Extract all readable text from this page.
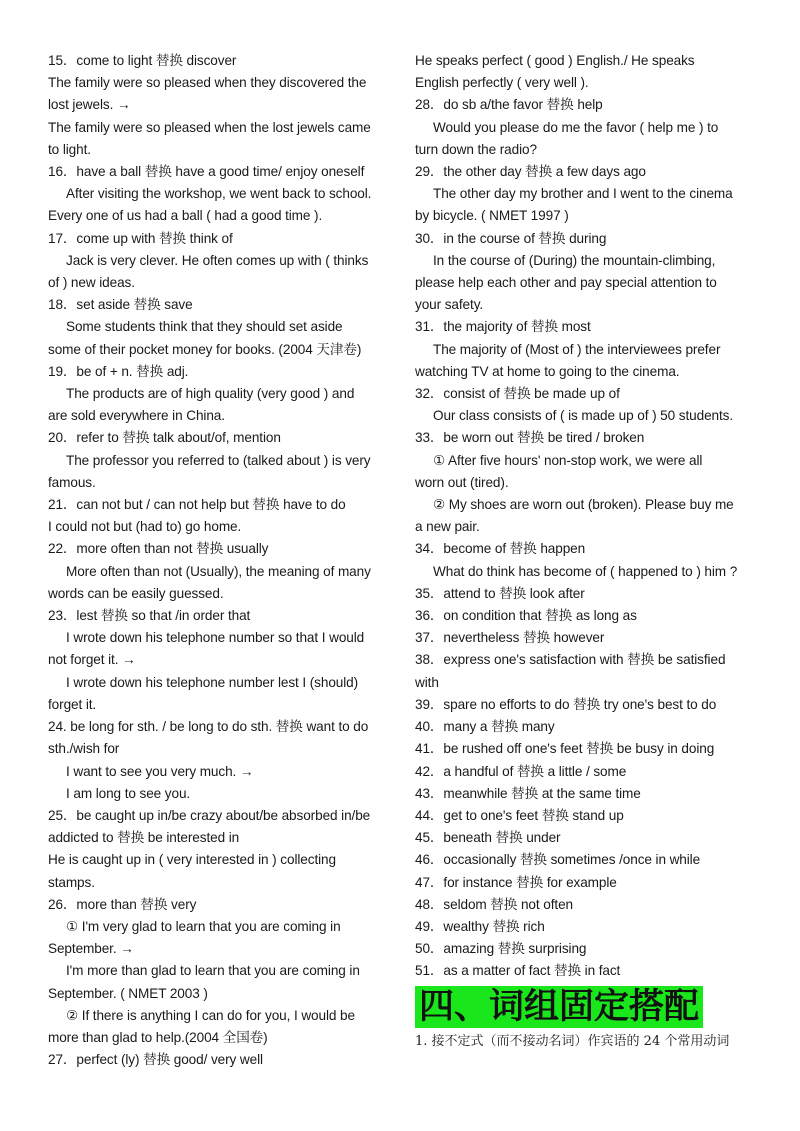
15．come to light 替换 discover
The family were so pleased when they discovered the
lost jewels. →
The family were so pleased when the lost jewels came
to light.
16．have a ball 替换 have a good time/ enjoy oneself
After visiting the workshop, we went back to school.
Every one of us had a ball ( had a good time ).
17．come up with 替换 think of
Jack is very clever. He often comes up with ( thinks
of ) new ideas.
18．set aside 替换 save
Some students think that they should set aside
some of their pocket money for books. (2004 天津卷)
19．be of + n. 替换 adj.
The products are of high quality (very good ) and
are sold everywhere in China.
20．refer to 替换 talk about/of, mention
The professor you referred to (talked about ) is very
famous.
21．can not but / can not help but 替换 have to do
I could not but (had to) go home.
22．more often than not 替换 usually
More often than not (Usually), the meaning of many
words can be easily guessed.
23．lest 替换 so that /in order that
I wrote down his telephone number so that I would
not forget it. →
I wrote down his telephone number lest I (should)
forget it.
24. be long for sth. / be long to do sth. 替换 want to do
sth./wish for
I want to see you very much. →
I am long to see you.
25．be caught up in/be crazy about/be absorbed in/be
addicted to 替换 be interested in
He is caught up in ( very interested in ) collecting
stamps.
26．more than 替换 very
① I'm very glad to learn that you are coming in
September. →
I'm more than glad to learn that you are coming in
September. ( NMET 2003 )
② If there is anything I can do for you, I would be
more than glad to help.(2004 全国卷)
27．perfect (ly) 替换 good/ very well
He speaks perfect ( good ) English./ He speaks
English perfectly ( very well ).
28．do sb a/the favor 替换 help
Would you please do me the favor ( help me ) to
turn down the radio?
29．the other day 替换 a few days ago
The other day my brother and I went to the cinema
by bicycle. ( NMET 1997 )
30．in the course of 替换 during
In the course of (During) the mountain-climbing,
please help each other and pay special attention to
your safety.
31．the majority of 替换 most
The majority of (Most of ) the interviewees prefer
watching TV at home to going to the cinema.
32．consist of 替换 be made up of
Our class consists of ( is made up of ) 50 students.
33．be worn out 替换 be tired / broken
① After five hours' non-stop work, we were all
worn out (tired).
② My shoes are worn out (broken). Please buy me
a new pair.
34．become of 替换 happen
What do think has become of ( happened to ) him ?
35．attend to 替换 look after
36．on condition that 替换 as long as
37．nevertheless 替换 however
38．express one's satisfaction with 替换 be satisfied
with
39．spare no efforts to do 替换 try one's best to do
40．many a 替换 many
41．be rushed off one's feet 替换 be busy in doing
42．a handful of 替换 a little / some
43．meanwhile 替换 at the same time
44．get to one's feet 替换 stand up
45．beneath 替换 under
46．occasionally 替换 sometimes /once in while
47．for instance 替换 for example
48．seldom 替换 not often
49．wealthy 替换 rich
50．amazing 替换 surprising
51．as a matter of fact 替换 in fact
四、词组固定搭配
1. 接不定式（而不接动名词）作宾语的 24 个常用动词
